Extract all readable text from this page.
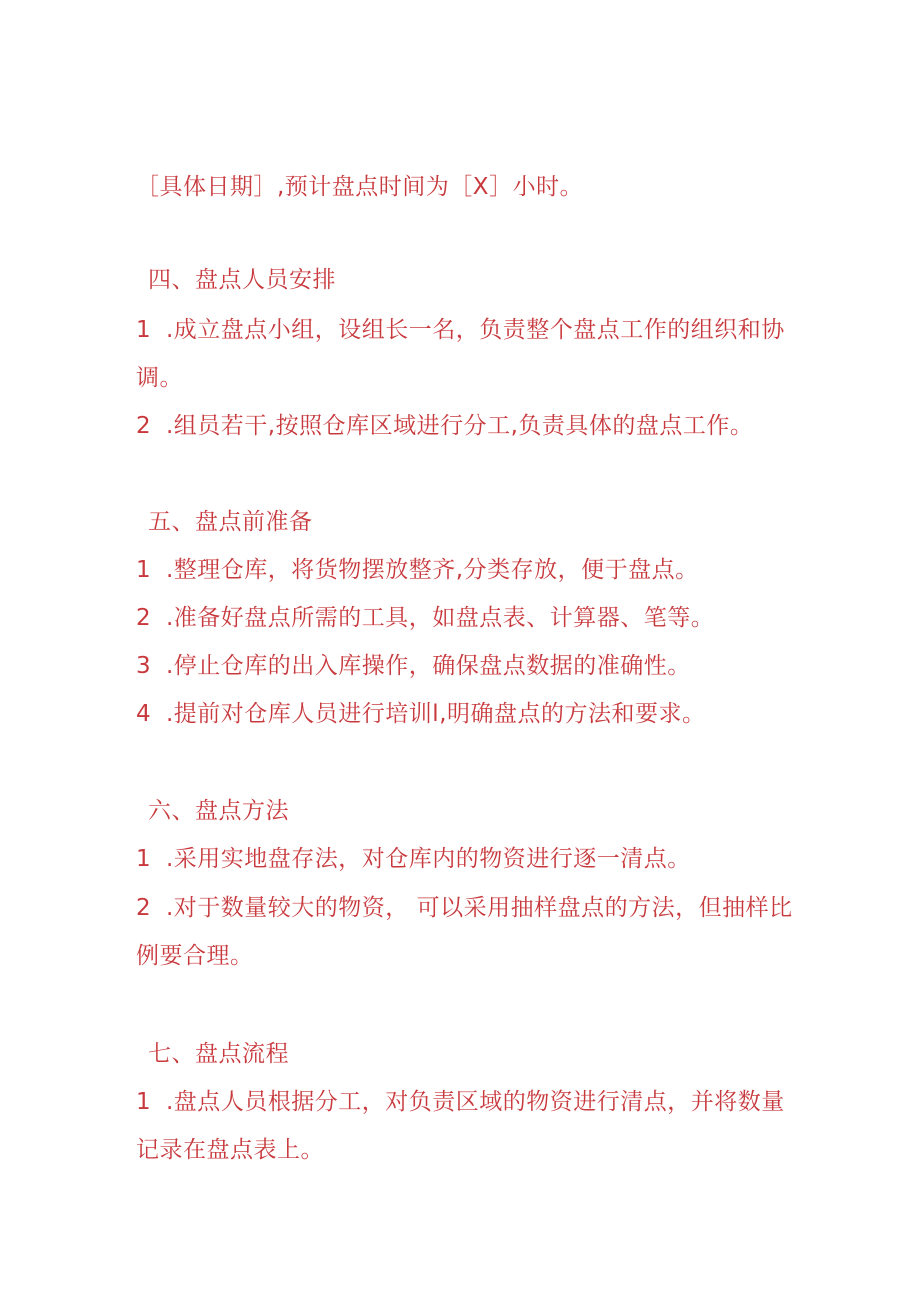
［具体日期］,预计盘点时间为［X］小时。
四、盘点人员安排
1 .成立盘点小组，设组长一名，负责整个盘点工作的组织和协
调。
2 .组员若干,按照仓库区域进行分工,负责具体的盘点工作。
五、盘点前准备
1 .整理仓库，将货物摆放整齐,分类存放，便于盘点。
2 .准备好盘点所需的工具，如盘点表、计算器、笔等。
3 .停止仓库的出入库操作，确保盘点数据的准确性。
4 .提前对仓库人员进行培训l,明确盘点的方法和要求。
六、盘点方法
1 .采用实地盘存法，对仓库内的物资进行逐一清点。
2 .对于数量较大的物资， 可以采用抽样盘点的方法，但抽样比
例要合理。
七、盘点流程
1 .盘点人员根据分工，对负责区域的物资进行清点，并将数量
记录在盘点表上。
